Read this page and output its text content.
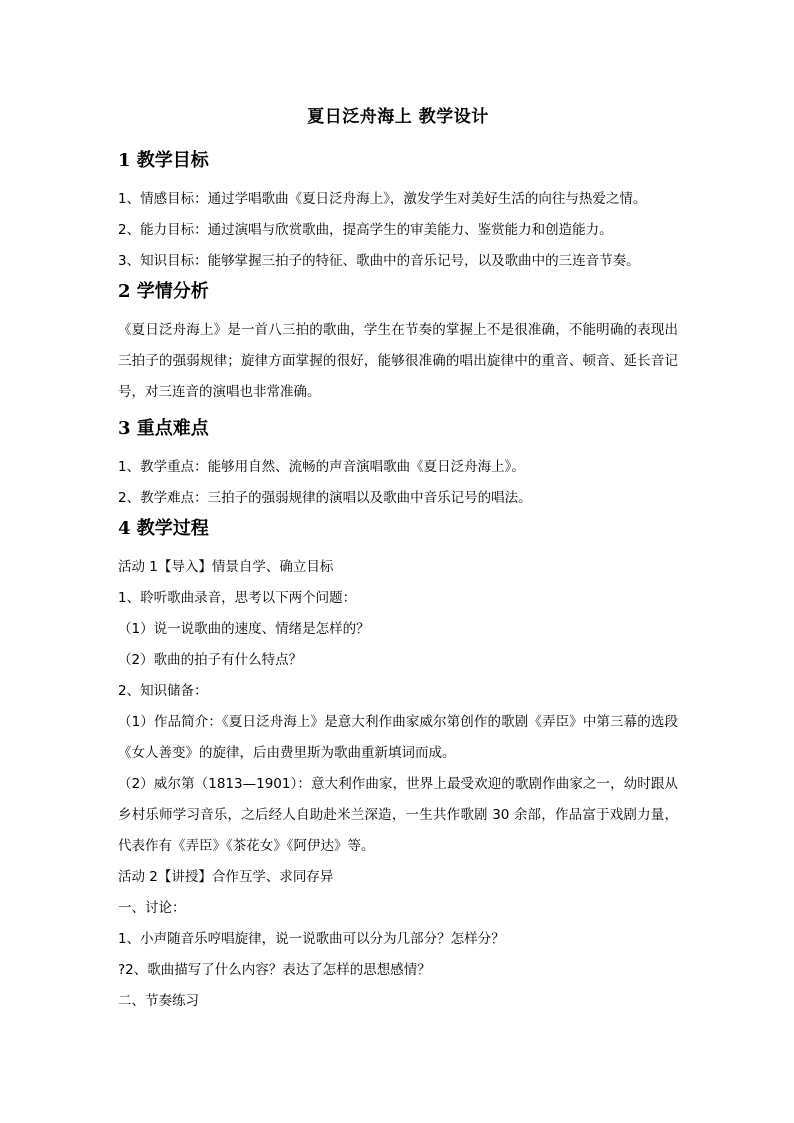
夏日泛舟海上 教学设计
1 教学目标
1、情感目标：通过学唱歌曲《夏日泛舟海上》，激发学生对美好生活的向往与热爱之情。
2、能力目标：通过演唱与欣赏歌曲，提高学生的审美能力、鉴赏能力和创造能力。
3、知识目标：能够掌握三拍子的特征、歌曲中的音乐记号，以及歌曲中的三连音节奏。
2 学情分析
《夏日泛舟海上》是一首八三拍的歌曲，学生在节奏的掌握上不是很准确，不能明确的表现出三拍子的强弱规律；旋律方面掌握的很好，能够很准确的唱出旋律中的重音、顿音、延长音记号，对三连音的演唱也非常准确。
3 重点难点
1、教学重点：能够用自然、流畅的声音演唱歌曲《夏日泛舟海上》。
2、教学难点：三拍子的强弱规律的演唱以及歌曲中音乐记号的唱法。
4 教学过程
活动 1【导入】情景自学、确立目标
1、聆听歌曲录音，思考以下两个问题：
（1）说一说歌曲的速度、情绪是怎样的？
（2）歌曲的拍子有什么特点？
2、知识储备：
（1）作品简介：《夏日泛舟海上》是意大利作曲家威尔第创作的歌剧《弄臣》中第三幕的选段《女人善变》的旋律，后由费里斯为歌曲重新填词而成。
（2）威尔第（1813—1901）：意大利作曲家，世界上最受欢迎的歌剧作曲家之一，幼时跟从乡村乐师学习音乐，之后经人自助赴米兰深造，一生共作歌剧 30 余部，作品富于戏剧力量，代表作有《弄臣》《茶花女》《阿伊达》等。
活动 2【讲授】合作互学、求同存异
一、讨论：
1、小声随音乐哼唱旋律，说一说歌曲可以分为几部分？怎样分？
?2、歌曲描写了什么内容？表达了怎样的思想感情？
二、节奏练习
